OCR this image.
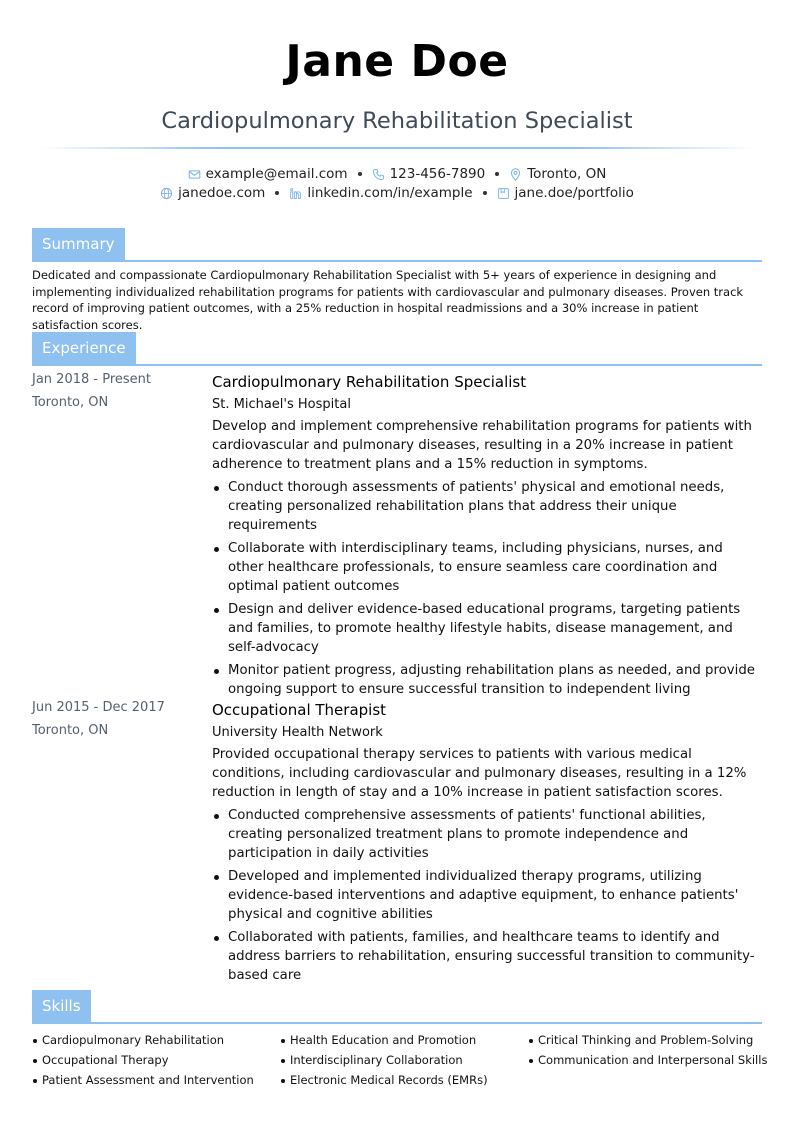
Jane Doe
Cardiopulmonary Rehabilitation Specialist
example@email.com	123-456-7890	Toronto, ON
janedoe.com	linkedin.com/in/example	jane.doe/portfolio
Summary
Dedicated and compassionate Cardiopulmonary Rehabilitation Specialist with 5+ years of experience in designing and implementing individualized rehabilitation programs for patients with cardiovascular and pulmonary diseases. Proven track record of improving patient outcomes, with a 25% reduction in hospital readmissions and a 30% increase in patient satisfaction scores.
Experience
Jan 2018 - Present
Toronto, ON
Cardiopulmonary Rehabilitation Specialist
St. Michael's Hospital
Develop and implement comprehensive rehabilitation programs for patients with cardiovascular and pulmonary diseases, resulting in a 20% increase in patient adherence to treatment plans and a 15% reduction in symptoms.
Conduct thorough assessments of patients' physical and emotional needs, creating personalized rehabilitation plans that address their unique requirements
Collaborate with interdisciplinary teams, including physicians, nurses, and other healthcare professionals, to ensure seamless care coordination and optimal patient outcomes
Design and deliver evidence-based educational programs, targeting patients and families, to promote healthy lifestyle habits, disease management, and self-advocacy
Monitor patient progress, adjusting rehabilitation plans as needed, and provide ongoing support to ensure successful transition to independent living
Jun 2015 - Dec 2017
Toronto, ON
Occupational Therapist
University Health Network
Provided occupational therapy services to patients with various medical conditions, including cardiovascular and pulmonary diseases, resulting in a 12% reduction in length of stay and a 10% increase in patient satisfaction scores.
Conducted comprehensive assessments of patients' functional abilities, creating personalized treatment plans to promote independence and participation in daily activities
Developed and implemented individualized therapy programs, utilizing evidence-based interventions and adaptive equipment, to enhance patients' physical and cognitive abilities
Collaborated with patients, families, and healthcare teams to identify and address barriers to rehabilitation, ensuring successful transition to community-based care
Skills
Cardiopulmonary Rehabilitation
Occupational Therapy
Patient Assessment and Intervention
Health Education and Promotion
Interdisciplinary Collaboration
Electronic Medical Records (EMRs)
Critical Thinking and Problem-Solving
Communication and Interpersonal Skills
